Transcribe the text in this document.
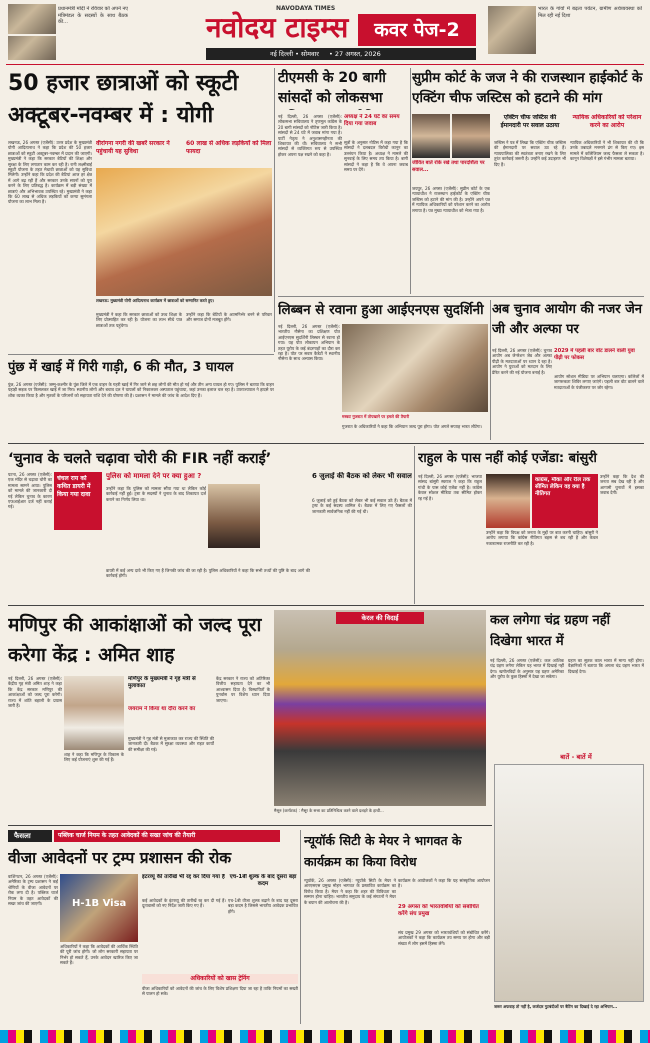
प्रधानमंत्री मोदी ने रविवार को अपने नए मंत्रिमंडल के सदस्यों के साथ बैठक की...
NAVODAYA TIMES
नवोदय टाइम्स	कवर पेज-2
नई दिल्ली • सोमवार • 27 अगस्त, 2026
भारत के गांवों में बढ़ता पर्यटन, ग्रामीण अर्थव्यवस्था को मिल रही नई दिशा
50 हजार छात्राओं को स्कूटी अक्टूबर-नवम्बर में : योगी
लखनऊ, 26 अगस्त (एजेंसी): उत्तर प्रदेश के मुख्यमंत्री योगी आदित्यनाथ ने कहा कि प्रदेश की 50 हजार छात्राओं को स्कूटी अक्टूबर-नवम्बर में प्रदान की जाएगी। मुख्यमंत्री ने कहा कि सरकार बेटियों की शिक्षा और सुरक्षा के लिए लगातार काम कर रही है। रानी लक्ष्मीबाई स्कूटी योजना के तहत मेधावी छात्राओं को यह सुविधा मिलेगी। उन्होंने कहा कि प्रदेश की बेटियां आज हर क्षेत्र में आगे बढ़ रही हैं और सरकार उनके सपनों को पूरा करने के लिए प्रतिबद्ध है। कार्यक्रम में बड़ी संख्या में छात्राएं और अभिभावक उपस्थित रहे। मुख्यमंत्री ने कहा कि 60 लाख से अधिक लड़कियों को कन्या सुमंगला योजना का लाभ मिला है।
वीरांगना नगरी की खबरें सरकार ने पहुंचायी यह सुविधा
60 लाख से अधिक लड़कियों को मिला फायदा
लखनऊ: मुख्यमंत्री योगी आदित्यनाथ कार्यक्रम में छात्राओं को सम्मानित करते हुए।
मुख्यमंत्री ने कहा कि सरकार छात्राओं को उच्च शिक्षा के लिए प्रोत्साहित कर रही है। योजना का लाभ सीधे पात्र छात्राओं तक पहुंचेगा।
उन्होंने कहा कि बेटियों के आत्मनिर्भर बनने से परिवार और समाज दोनों मजबूत होंगे।
टीएमसी के 20 बागी सांसदों को लोकसभा
नई दिल्ली, 26 अगस्त (एजेंसी): लोकसभा सचिवालय ने तृणमूल कांग्रेस के 20 बागी सांसदों को नोटिस जारी किया है। सांसदों से 24 घंटे में जवाब मांगा गया है। पार्टी नेतृत्व ने अनुशासनहीनता की शिकायत की थी। सचिवालय ने सभी सांसदों से व्यक्तिगत रूप से उपस्थित होकर अपना पक्ष रखने को कहा है।
अध्यक्ष ने 24 घंटे का समय दिया गया जवाब
सूत्रों के अनुसार नोटिस में कहा गया है कि सांसदों ने दलबदल विरोधी कानून का उल्लंघन किया है। अध्यक्ष ने मामले की सुनवाई के लिए समय तय किया है। बागी सांसदों ने कहा है कि वे अपना जवाब समय पर देंगे।
सुप्रीम कोर्ट के जज ने की राजस्थान हाईकोर्ट के एक्टिंग चीफ जस्टिस को हटाने की मांग
एक्टिंग चीफ जस्टिस की ईमानदारी पर सवाल उठाया
न्यायिक अधिकारियों को परेशान करने का आरोप
जीवित बातें रोके रखे तथा पारदर्शिता पर सवाल...
जयपुर, 26 अगस्त (एजेंसी): सुप्रीम कोर्ट के एक न्यायाधीश ने राजस्थान हाईकोर्ट के एक्टिंग चीफ जस्टिस को हटाने की मांग की है। उन्होंने अपने पत्र में न्यायिक अधिकारियों को परेशान करने का आरोप लगाया है। पत्र मुख्य न्यायाधीश को भेजा गया है।
जस्टिस ने पत्र में लिखा कि एक्टिंग चीफ जस्टिस की ईमानदारी पर सवाल उठ रहे हैं। न्यायपालिका की स्वतंत्रता बनाए रखने के लिए तुरंत कार्रवाई जरूरी है। उन्होंने कई उदाहरण भी दिए हैं।
न्यायिक अधिकारियों ने भी शिकायत की थी कि उनके तबादले मनमाने ढंग से किए गए। इस मामले में कॉलेजियम जल्द फैसला ले सकता है। कानून विशेषज्ञों ने इसे गंभीर मामला बताया।
लिब्बन से रवाना हुआ आईएनएस सुदर्शिनी
नई दिल्ली, 26 अगस्त (एजेंसी): भारतीय नौसेना का प्रशिक्षण पोत आईएनएस सुदर्शिनी लिस्बन से रवाना हो गया। यह पोत लोकायन अभियान के तहत यूरोप के कई बंदरगाहों का दौरा कर रहा है। पोत पर सवार कैडेटों ने स्थानीय नौसेना के साथ अभ्यास किया।
मस्कट गुजरात में तोपखाने पर हमले की तैयारी
गुजरात के अधिकारियों ने कहा कि अभियान जल्द पूरा होगा। पोत अगले सप्ताह भारत लौटेगा।
अब चुनाव आयोग की नजर जेन जी और अल्फा पर
2029 में पहली बार वोट डालने वाली युवा पीढ़ी पर फोकस
नई दिल्ली, 26 अगस्त (एजेंसी): चुनाव आयोग अब जेनरेशन जेड और अल्फा पीढ़ी के मतदाताओं पर ध्यान दे रहा है। आयोग ने युवाओं को मतदान के लिए प्रेरित करने की नई योजना बनाई है।
आयोग सोशल मीडिया पर अभियान चलाएगा। कॉलेजों में जागरूकता शिविर लगाए जाएंगे। पहली बार वोट डालने वाले मतदाताओं के पंजीकरण पर जोर रहेगा।
पुंछ में खाई में गिरी गाड़ी, 6 की मौत, 3 घायल
पुंछ, 26 अगस्त (एजेंसी): जम्मू-कश्मीर के पुंछ जिले में एक वाहन के गहरी खाई में गिर जाने से छह लोगों की मौत हो गई और तीन अन्य घायल हो गए। पुलिस ने बताया कि वाहन पहाड़ी सड़क पर फिसलकर खाई में जा गिरा। स्थानीय लोगों और बचाव दल ने घायलों को निकालकर अस्पताल पहुंचाया, जहां उनका इलाज चल रहा है। उपराज्यपाल ने हादसे पर शोक व्यक्त किया है और मृतकों के परिजनों को सहायता राशि देने की घोषणा की है। प्रशासन ने मामले की जांच के आदेश दिए हैं।
‘चुनाव के चलते चढ़ावा चोरी की FIR नहीं कराई’
चंचल राय को कथित डायरी में किया गया दावा
पटना, 26 अगस्त (एजेंसी): एक मंदिर से चढ़ावा चोरी का मामला सामने आया। पुलिस को मामले की जानकारी दी गई लेकिन चुनाव के कारण एफआईआर दर्ज नहीं कराई गई।
पुलिस को मामला देने पर क्या हुआ ?
उन्होंने कहा कि पुलिस को मामला सौंपा गया था लेकिन कोई कार्रवाई नहीं हुई। ट्रस्ट के सदस्यों ने चुनाव के बाद शिकायत दर्ज कराने का निर्णय लिया था।
डायरी में कई अन्य दावे भी किए गए हैं जिनकी जांच की जा रही है। पुलिस अधिकारियों ने कहा कि सभी तथ्यों की पुष्टि के बाद आगे की कार्रवाई होगी।
6 जुलाई की बैठक को लेकर भी सवाल
6 जुलाई को हुई बैठक को लेकर भी कई सवाल उठे हैं। बैठक में ट्रस्ट के कई सदस्य शामिल थे। बैठक में लिए गए फैसलों की जानकारी सार्वजनिक नहीं की गई थी।
राहुल के पास नहीं कोई एजेंडा: बांसुरी
नई दिल्ली, 26 अगस्त (एजेंसी): भाजपा सांसद बांसुरी स्वराज ने कहा कि राहुल गांधी के पास कोई एजेंडा नहीं है। कांग्रेस केवल सोशल मीडिया तक सीमित होकर रह गई है।
कांग्रेस, मौका और रील तक सीमित लेकिन वह क्या है नीतिगत
उन्होंने कहा कि विपक्ष को जनता के मुद्दों पर बात करनी चाहिए। बांसुरी ने आरोप लगाया कि कांग्रेस नीतिगत बहस से बच रही है और केवल नकारात्मक राजनीति कर रही है।
उन्होंने कहा कि देश की जनता सब देख रही है और आगामी चुनावों में इसका जवाब देगी।
मणिपुर की आकांक्षाओं को जल्द पूरा करेगा केंद्र : अमित शाह
नई दिल्ली, 26 अगस्त (एजेंसी): केंद्रीय गृह मंत्री अमित शाह ने कहा कि केंद्र सरकार मणिपुर की आकांक्षाओं को जल्द पूरा करेगी। राज्य में शांति बहाली के प्रयास जारी हैं।
मणिपुर के मुख्यमंत्री ने गृह मंत्री से मुलाकात
जयराम ने किया था दौरा करने का
शाह ने कहा कि मणिपुर के विकास के लिए कई योजनाएं शुरू की गई हैं।
मुख्यमंत्री ने गृह मंत्री से मुलाकात कर राज्य की स्थिति की जानकारी दी। बैठक में सुरक्षा व्यवस्था और राहत कार्यों की समीक्षा की गई।
केंद्र सरकार ने राज्य को अतिरिक्त वित्तीय सहायता देने का भी आश्वासन दिया है। विस्थापितों के पुनर्वास पर विशेष ध्यान दिया जाएगा।
केरल की विदाई
मैसूरु (कर्नाटक) : मैसूर के सत्ता का प्रतिनिधित्व करने वाले दशहरे के हाथी...
कल लगेगा चंद्र ग्रहण नहीं दिखेगा भारत में
नई दिल्ली, 26 अगस्त (एजेंसी): कल आंशिक चंद्र ग्रहण लगेगा लेकिन यह भारत में दिखाई नहीं देगा। खगोलविदों के अनुसार यह ग्रहण अमेरिका और यूरोप के कुछ हिस्सों में देखा जा सकेगा।
ग्रहण का सूतक काल भारत में मान्य नहीं होगा। वैज्ञानिकों ने बताया कि अगला चंद्र ग्रहण भारत में दिखाई देगा।
बातें - बातें में
जरूर अफवाह तो नहीं है, कर्जदार गुटबंदीओं पर बैटिंग का दिखाई दे रहा अभियान...
फैसला	पब्लिक चार्ज नियम के तहत आवेदकों की सख्त जांच की तैयारी
वीजा आवेदनों पर ट्रम्प प्रशासन की रोक
वाशिंगटन, 26 अगस्त (एजेंसी): अमेरिका के ट्रम्प प्रशासन ने कई श्रेणियों के वीजा आवेदनों पर रोक लगा दी है। पब्लिक चार्ज नियम के तहत आवेदकों की सख्त जांच की जाएगी।	H-1B Visa
अधिकारियों ने कहा कि आवेदकों की आर्थिक स्थिति की पूरी जांच होगी। जो लोग सरकारी सहायता पर निर्भर हो सकते हैं, उनके आवेदन खारिज किए जा सकते हैं।
इंटरव्यू की तारीखें भी रद्द कर दिया गया है एच-1बी शुल्क के बाद दूसरा बड़ा कदम
कई आवेदकों के इंटरव्यू की तारीखें रद्द कर दी गई हैं। दूतावासों को नए निर्देश जारी किए गए हैं।
एच-1बी वीजा शुल्क बढ़ाने के बाद यह दूसरा बड़ा कदम है जिससे भारतीय आवेदक प्रभावित होंगे।
अधिकारियों को खास ट्रेनिंग
वीजा अधिकारियों को आवेदनों की जांच के लिए विशेष प्रशिक्षण दिया जा रहा है ताकि नियमों का सख्ती से पालन हो सके।
न्यूयॉर्क सिटी के मेयर ने भागवत के कार्यक्रम का किया विरोध
न्यूयॉर्क, 26 अगस्त (एजेंसी): न्यूयॉर्क सिटी के मेयर ने आरएसएस प्रमुख मोहन भागवत के प्रस्तावित कार्यक्रम का विरोध किया है। मेयर ने कहा कि शहर की विविधता का सम्मान होना चाहिए। भारतीय समुदाय के कई संगठनों ने मेयर के बयान की आलोचना की है।
29 अगस्त को भारतवंशियों को संबोधित करेंगे संघ प्रमुख
कार्यक्रम के आयोजकों ने कहा कि यह सांस्कृतिक आयोजन है।
संघ प्रमुख 29 अगस्त को भारतवंशियों को संबोधित करेंगे। आयोजकों ने कहा कि कार्यक्रम तय समय पर होगा और बड़ी संख्या में लोग इसमें हिस्सा लेंगे।
